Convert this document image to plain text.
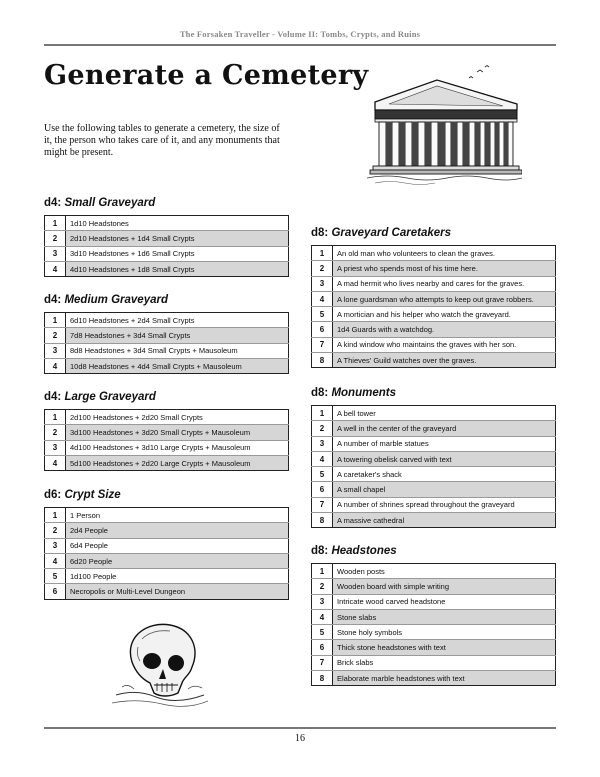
The Forsaken Traveller - Volume II: Tombs, Crypts, and Ruins
Generate a Cemetery
Use the following tables to generate a cemetery, the size of it, the person who takes care of it, and any monuments that might be present.
d4: Small Graveyard
1	1d10 Headstones
2	2d10 Headstones + 1d4 Small Crypts
3	3d10 Headstones + 1d6 Small Crypts
4	4d10 Headstones + 1d8 Small Crypts
d4: Medium Graveyard
1	6d10 Headstones + 2d4 Small Crypts
2	7d8 Headstones + 3d4 Small Crypts
3	8d8 Headstones + 3d4 Small Crypts + Mausoleum
4	10d8 Headstones + 4d4 Small Crypts + Mausoleum
d4: Large Graveyard
1	2d100 Headstones + 2d20 Small Crypts
2	3d100 Headstones + 3d20 Small Crypts + Mausoleum
3	4d100 Headstones + 3d10 Large Crypts + Mausoleum
4	5d100 Headstones + 2d20 Large Crypts + Mausoleum
d6: Crypt Size
1	1 Person
2	2d4 People
3	6d4 People
4	6d20 People
5	1d100 People
6	Necropolis or Multi-Level Dungeon
d8: Graveyard Caretakers
1	An old man who volunteers to clean the graves.
2	A priest who spends most of his time here.
3	A mad hermit who lives nearby and cares for the graves.
4	A lone guardsman who attempts to keep out grave robbers.
5	A mortician and his helper who watch the graveyard.
6	1d4 Guards with a watchdog.
7	A kind window who maintains the graves with her son.
8	A Thieves' Guild watches over the graves.
d8: Monuments
1	A bell tower
2	A well in the center of the graveyard
3	A number of marble statues
4	A towering obelisk carved with text
5	A caretaker's shack
6	A small chapel
7	A number of shrines spread throughout the graveyard
8	A massive cathedral
d8: Headstones
1	Wooden posts
2	Wooden board with simple writing
3	Intricate wood carved headstone
4	Stone slabs
5	Stone holy symbols
6	Thick stone headstones with text
7	Brick slabs
8	Elaborate marble headstones with text
16
